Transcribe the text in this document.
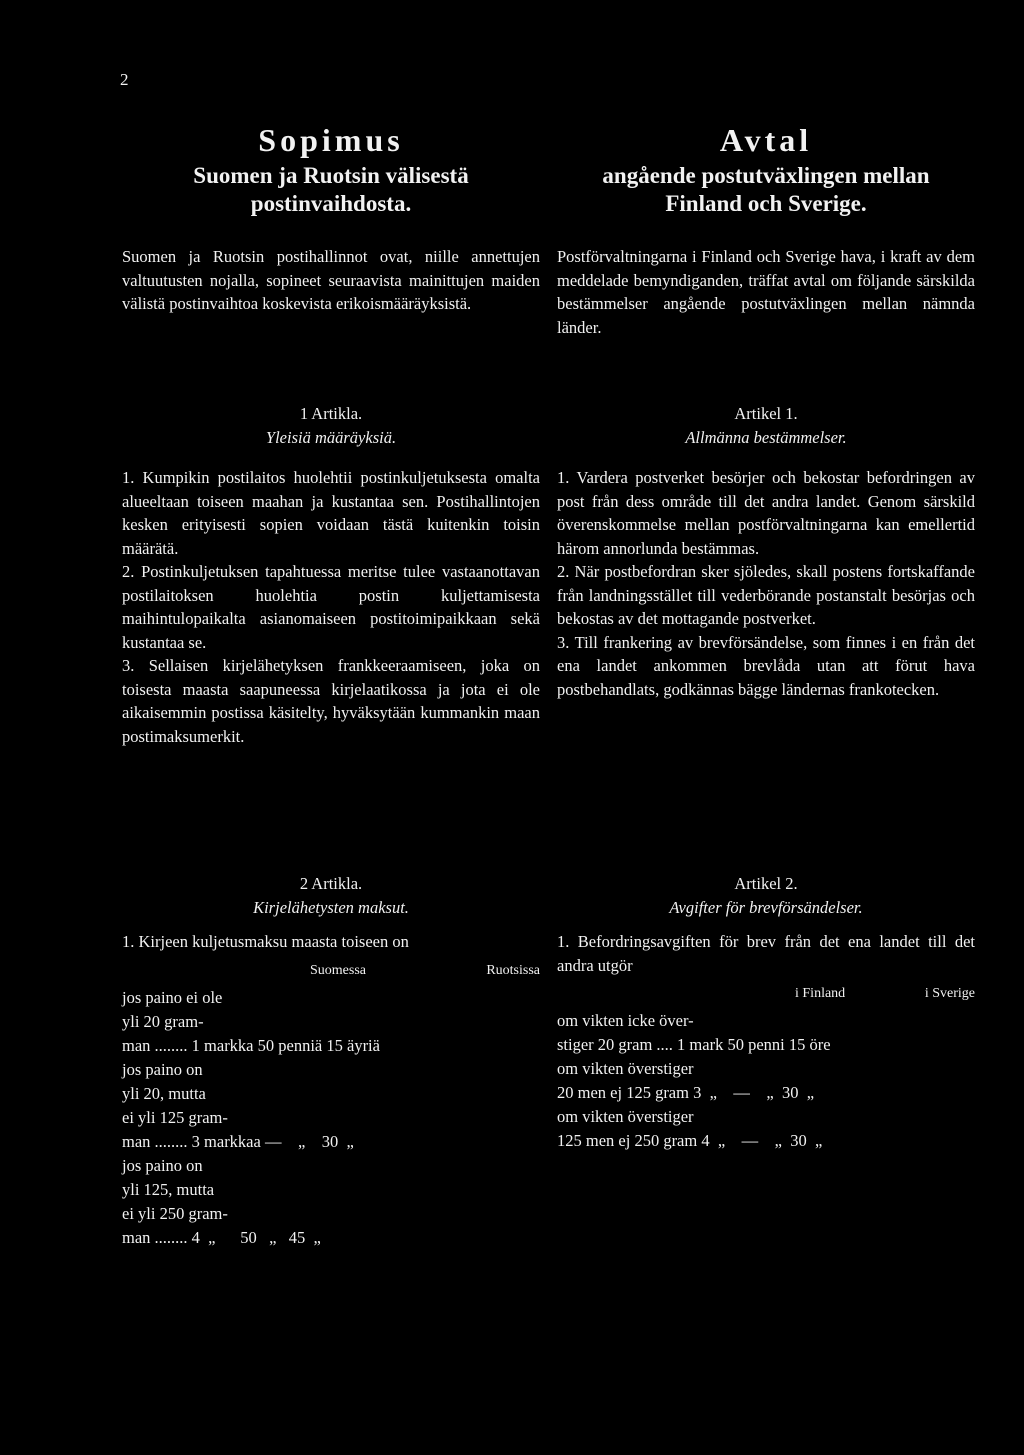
2
Sopimus

Suomen ja Ruotsin välisestä

postinvaihdosta.

Suomen ja Ruotsin postihallinnot ovat, niille annettujen valtuutusten nojalla, sopineet seuraavista mainittujen maiden välistä postinvaihtoa koskevista erikoismääräyksistä.

1 Artikla.
Yleisiä määräyksiä.

1. Kumpikin postilaitos huolehtii postinkuljetuksesta omalta alueeltaan toiseen maahan ja kustantaa sen. Postihallintojen kesken erityisesti sopien voidaan tästä kuitenkin toisin määrätä.

2. Postinkuljetuksen tapahtuessa meritse tulee vastaanottavan postilaitoksen huolehtia postin kuljettamisesta maihintulopaikalta asianomaiseen postitoimipaikkaan sekä kustantaa se.

3. Sellaisen kirjelähetyksen frankkeeraamiseen, joka on toisesta maasta saapuneessa kirjelaatikossa ja jota ei ole aikaisemmin postissa käsitelty, hyväksytään kummankin maan postimaksumerkit.

2 Artikla.
Kirjelähetysten maksut.

1. Kirjeen kuljetusmaksu maasta toiseen on

Suomessa	Ruotsissa
jos paino ei ole
yli 20 gram-
man ........ 1 markka 50 penniä 15 äyriä
jos paino on
yli 20, mutta
ei yli 125 gram-
man ........ 3 markkaa —    „    30  „
jos paino on
yli 125, mutta
ei yli 250 gram-
man ........ 4  „      50   „   45  „
Avtal

angående postutväxlingen mellan

Finland och Sverige.

Postförvaltningarna i Finland och Sverige hava, i kraft av dem meddelade bemyndiganden, träffat avtal om följande särskilda bestämmelser angående postutväxlingen mellan nämnda länder.

Artikel 1.
Allmänna bestämmelser.

1. Vardera postverket besörjer och bekostar befordringen av post från dess område till det andra landet. Genom särskild överenskommelse mellan postförvaltningarna kan emellertid härom annorlunda bestämmas.

2. När postbefordran sker sjöledes, skall postens fortskaffande från landningsstället till vederbörande postanstalt besörjas och bekostas av det mottagande postverket.

3. Till frankering av brevförsändelse, som finnes i en från det ena landet ankommen brevlåda utan att förut hava postbehandlats, godkännas bägge ländernas frankotecken.

Artikel 2.
Avgifter för brevförsändelser.

1. Befordringsavgiften för brev från det ena landet till det andra utgör

i Finland	i Sverige
om vikten icke över-
stiger 20 gram .... 1 mark 50 penni 15 öre
om vikten överstiger
20 men ej 125 gram 3  „    —    „  30  „
om vikten överstiger
125 men ej 250 gram 4  „    —    „  30  „
